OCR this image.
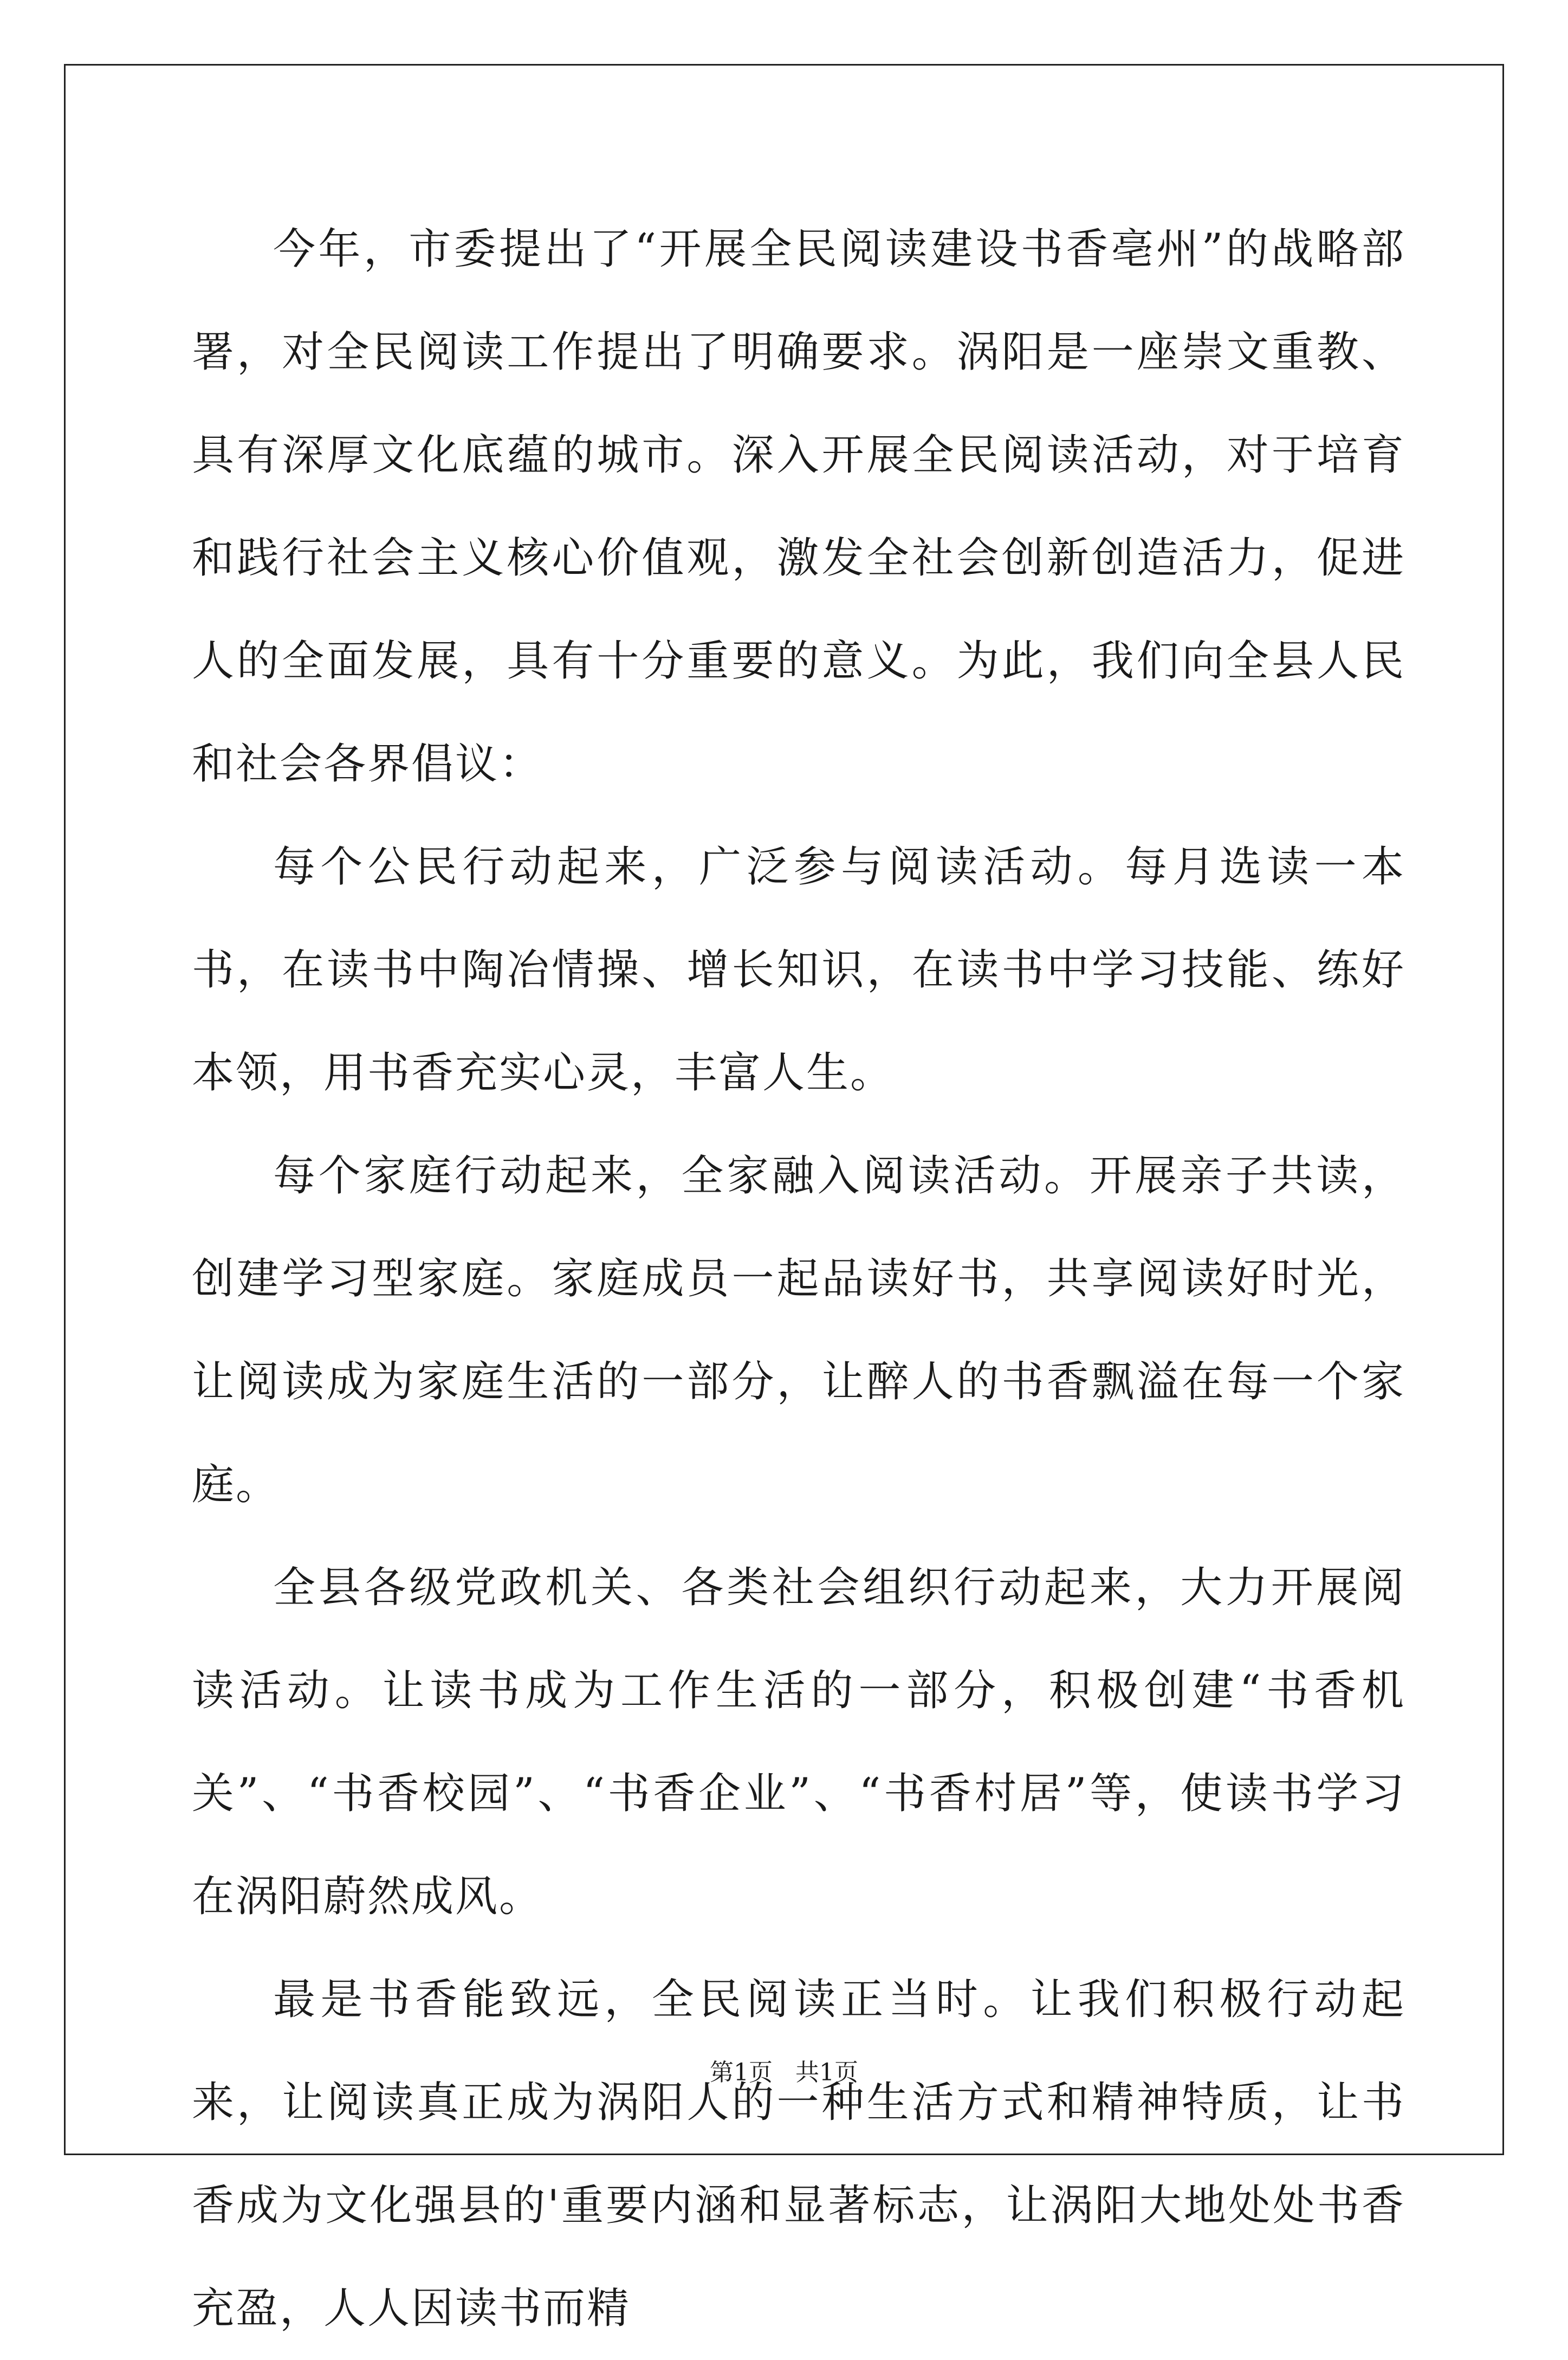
今年，市委提出了“开展全民阅读建设书香亳州”的战略部署，对全民阅读工作提出了明确要求。涡阳是一座崇文重教、具有深厚文化底蕴的城市。深入开展全民阅读活动，对于培育和践行社会主义核心价值观，激发全社会创新创造活力，促进人的全面发展，具有十分重要的意义。为此，我们向全县人民和社会各界倡议：

每个公民行动起来，广泛参与阅读活动。每月选读一本书，在读书中陶冶情操、增长知识，在读书中学习技能、练好本领，用书香充实心灵，丰富人生。

每个家庭行动起来，全家融入阅读活动。开展亲子共读，创建学习型家庭。家庭成员一起品读好书，共享阅读好时光，让阅读成为家庭生活的一部分，让醉人的书香飘溢在每一个家庭。

全县各级党政机关、各类社会组织行动起来，大力开展阅读活动。让读书成为工作生活的一部分，积极创建“书香机关”、“书香校园”、“书香企业”、“书香村居”等，使读书学习在涡阳蔚然成风。

最是书香能致远，全民阅读正当时。让我们积极行动起来，让阅读真正成为涡阳人的一种生活方式和精神特质，让书香成为文化强县的'重要内涵和显著标志，让涡阳大地处处书香充盈，人人因读书而精

第1页   共1页
